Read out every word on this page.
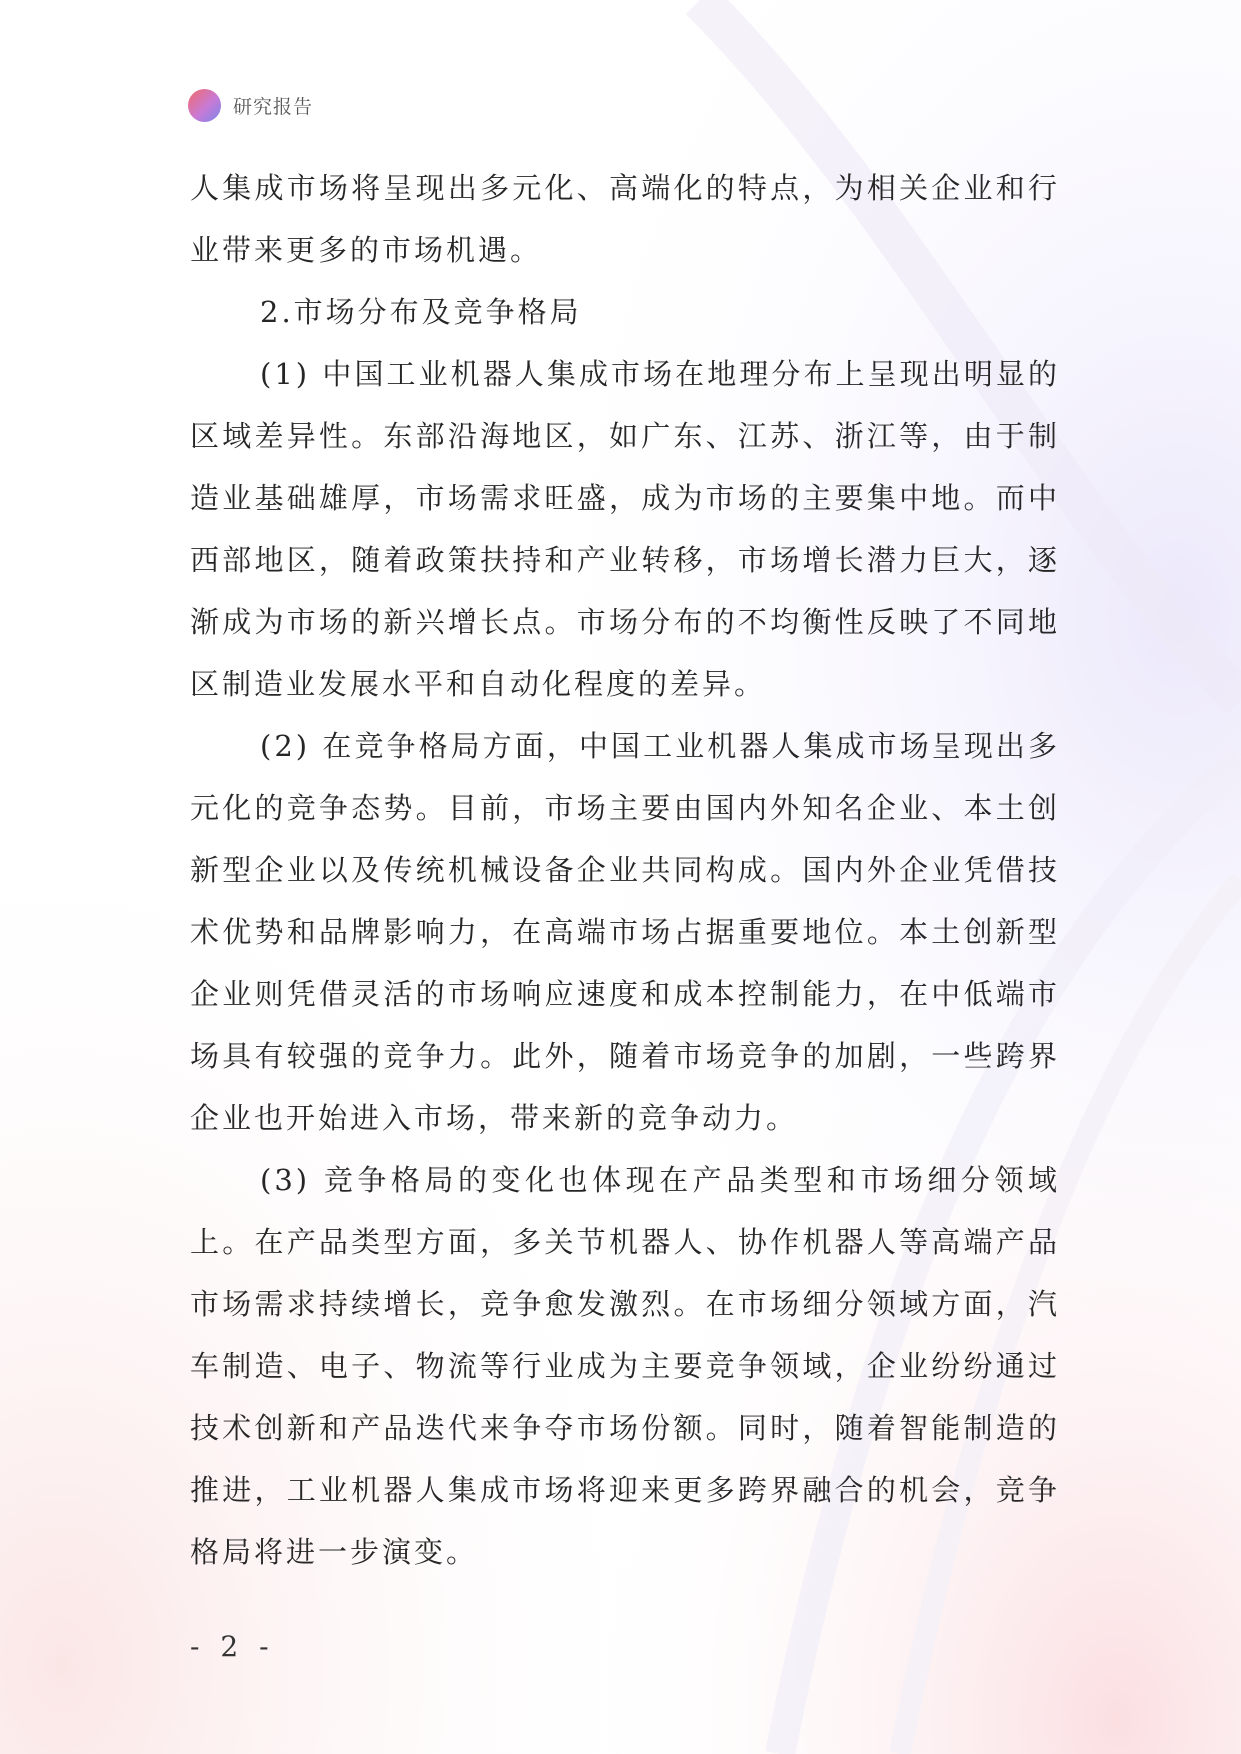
研究报告

人集成市场将呈现出多元化、高端化的特点，为相关企业和行业带来更多的市场机遇。

2.市场分布及竞争格局

(1) 中国工业机器人集成市场在地理分布上呈现出明显的区域差异性。东部沿海地区，如广东、江苏、浙江等，由于制造业基础雄厚，市场需求旺盛，成为市场的主要集中地。而中西部地区，随着政策扶持和产业转移，市场增长潜力巨大，逐渐成为市场的新兴增长点。市场分布的不均衡性反映了不同地区制造业发展水平和自动化程度的差异。

(2) 在竞争格局方面，中国工业机器人集成市场呈现出多元化的竞争态势。目前，市场主要由国内外知名企业、本土创新型企业以及传统机械设备企业共同构成。国内外企业凭借技术优势和品牌影响力，在高端市场占据重要地位。本土创新型企业则凭借灵活的市场响应速度和成本控制能力，在中低端市场具有较强的竞争力。此外，随着市场竞争的加剧，一些跨界企业也开始进入市场，带来新的竞争动力。

(3) 竞争格局的变化也体现在产品类型和市场细分领域上。在产品类型方面，多关节机器人、协作机器人等高端产品市场需求持续增长，竞争愈发激烈。在市场细分领域方面，汽车制造、电子、物流等行业成为主要竞争领域，企业纷纷通过技术创新和产品迭代来争夺市场份额。同时，随着智能制造的推进，工业机器人集成市场将迎来更多跨界融合的机会，竞争格局将进一步演变。

- 2 -
